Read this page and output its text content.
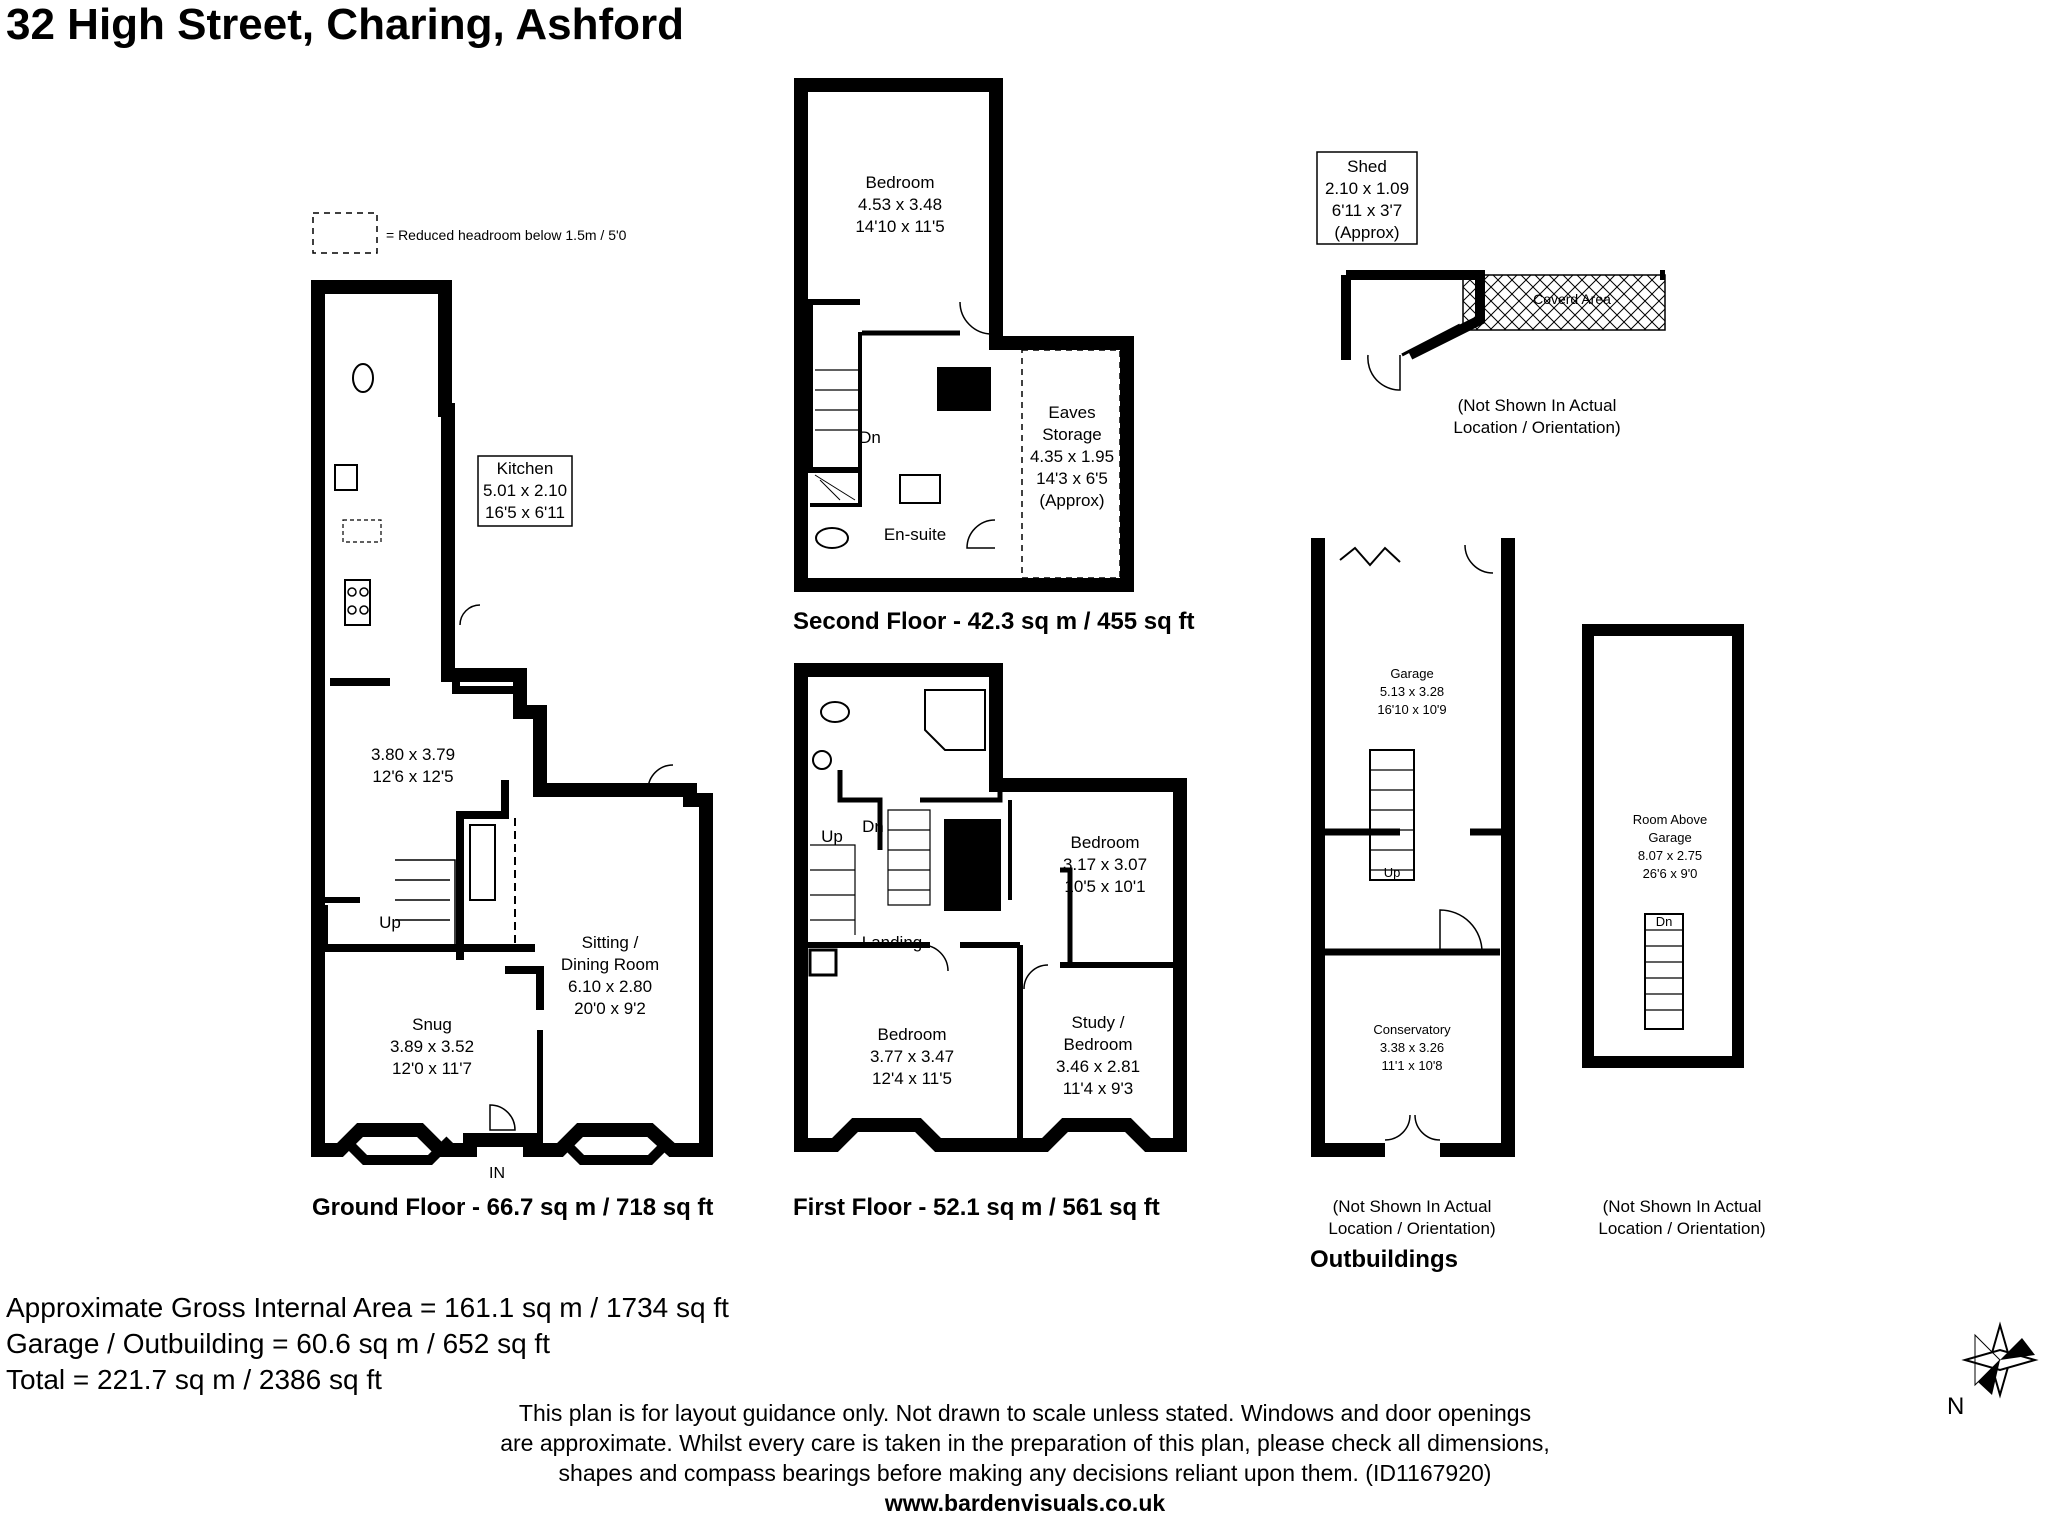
32 High Street, Charing, Ashford
= Reduced headroom below 1.5m / 5'0
Kitchen
5.01 x 2.10
16'5 x 6'11
3.80 x 3.79
12'6 x 12'5
Sitting /
Dining Room
6.10 x 2.80
20'0 x 9'2
Snug
3.89 x 3.52
12'0 x 11'7
Up
IN
Bedroom
4.53 x 3.48
14'10 x 11'5
Eaves
Storage
4.35 x 1.95
14'3 x 6'5
(Approx)
En-suite
Dn
Bedroom
3.17 x 3.07
10'5 x 10'1
Bedroom
3.77 x 3.47
12'4 x 11'5
Study /
Bedroom
3.46 x 2.81
11'4 x 9'3
Landing
Up
Dn
Shed
2.10 x 1.09
6'11 x 3'7
(Approx)
Coverd Area
(Not Shown In Actual
Location / Orientation)
Garage
5.13 x 3.28
16'10 x 10'9
Up
Conservatory
3.38 x 3.26
11'1 x 10'8
(Not Shown In Actual
Location / Orientation)
Room Above
Garage
8.07 x 2.75
26'6 x 9'0
Dn
(Not Shown In Actual
Location / Orientation)
N
Ground Floor - 66.7 sq m / 718 sq ft
Second Floor - 42.3 sq m / 455 sq ft
First Floor - 52.1 sq m / 561 sq ft
Outbuildings
Approximate Gross Internal Area = 161.1 sq m / 1734 sq ft
Garage / Outbuilding = 60.6 sq m / 652 sq ft
Total = 221.7 sq m / 2386 sq ft
This plan is for layout guidance only. Not drawn to scale unless stated. Windows and door openings
are approximate. Whilst every care is taken in the preparation of this plan, please check all dimensions,
shapes and compass bearings before making any decisions reliant upon them. (ID1167920)
www.bardenvisuals.co.uk
